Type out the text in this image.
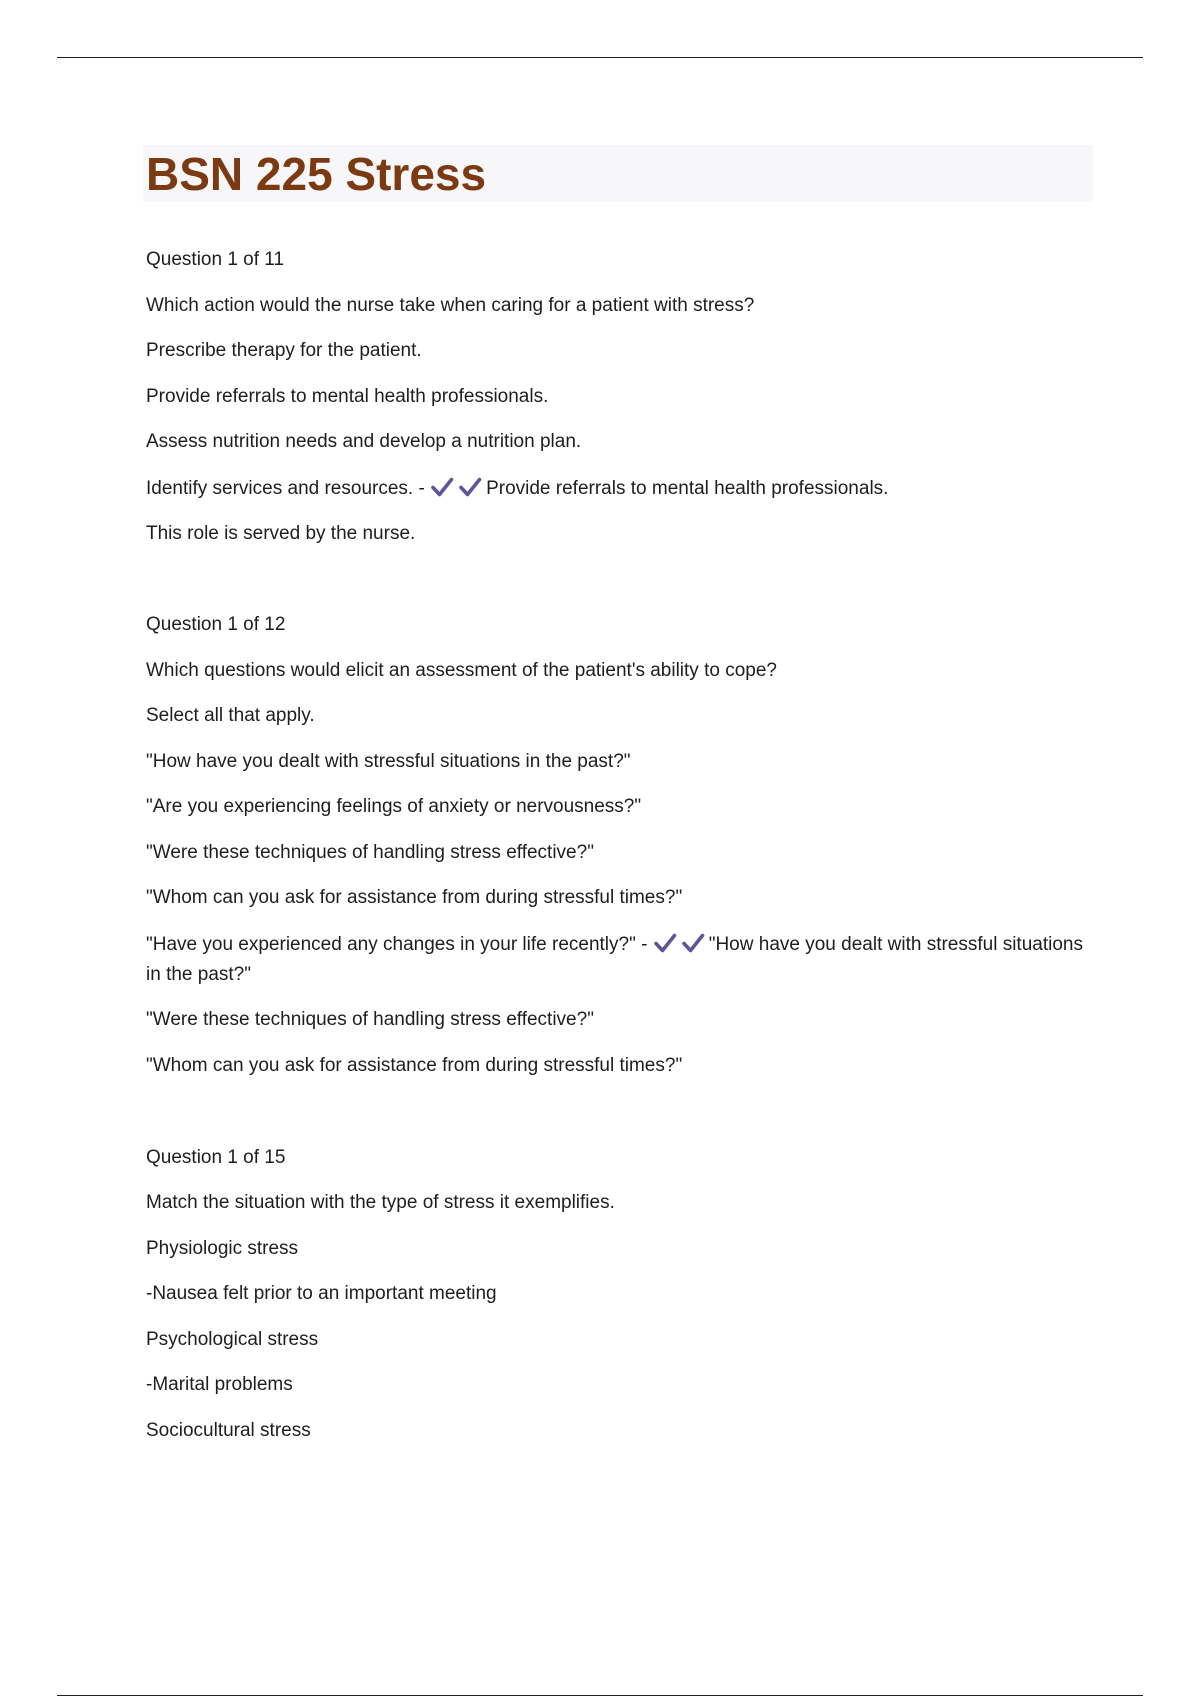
BSN 225 Stress
Question 1 of 11
Which action would the nurse take when caring for a patient with stress?
Prescribe therapy for the patient.
Provide referrals to mental health professionals.
Assess nutrition needs and develop a nutrition plan.
Identify services and resources. -	Provide referrals to mental health professionals.
This role is served by the nurse.
Question 1 of 12
Which questions would elicit an assessment of the patient's ability to cope?
Select all that apply.
"How have you dealt with stressful situations in the past?"
"Are you experiencing feelings of anxiety or nervousness?"
"Were these techniques of handling stress effective?"
"Whom can you ask for assistance from during stressful times?"
"Have you experienced any changes in your life recently?" -	"How have you dealt with stressful situations in the past?"
"Were these techniques of handling stress effective?"
"Whom can you ask for assistance from during stressful times?"
Question 1 of 15
Match the situation with the type of stress it exemplifies.
Physiologic stress
-Nausea felt prior to an important meeting
Psychological stress
-Marital problems
Sociocultural stress
